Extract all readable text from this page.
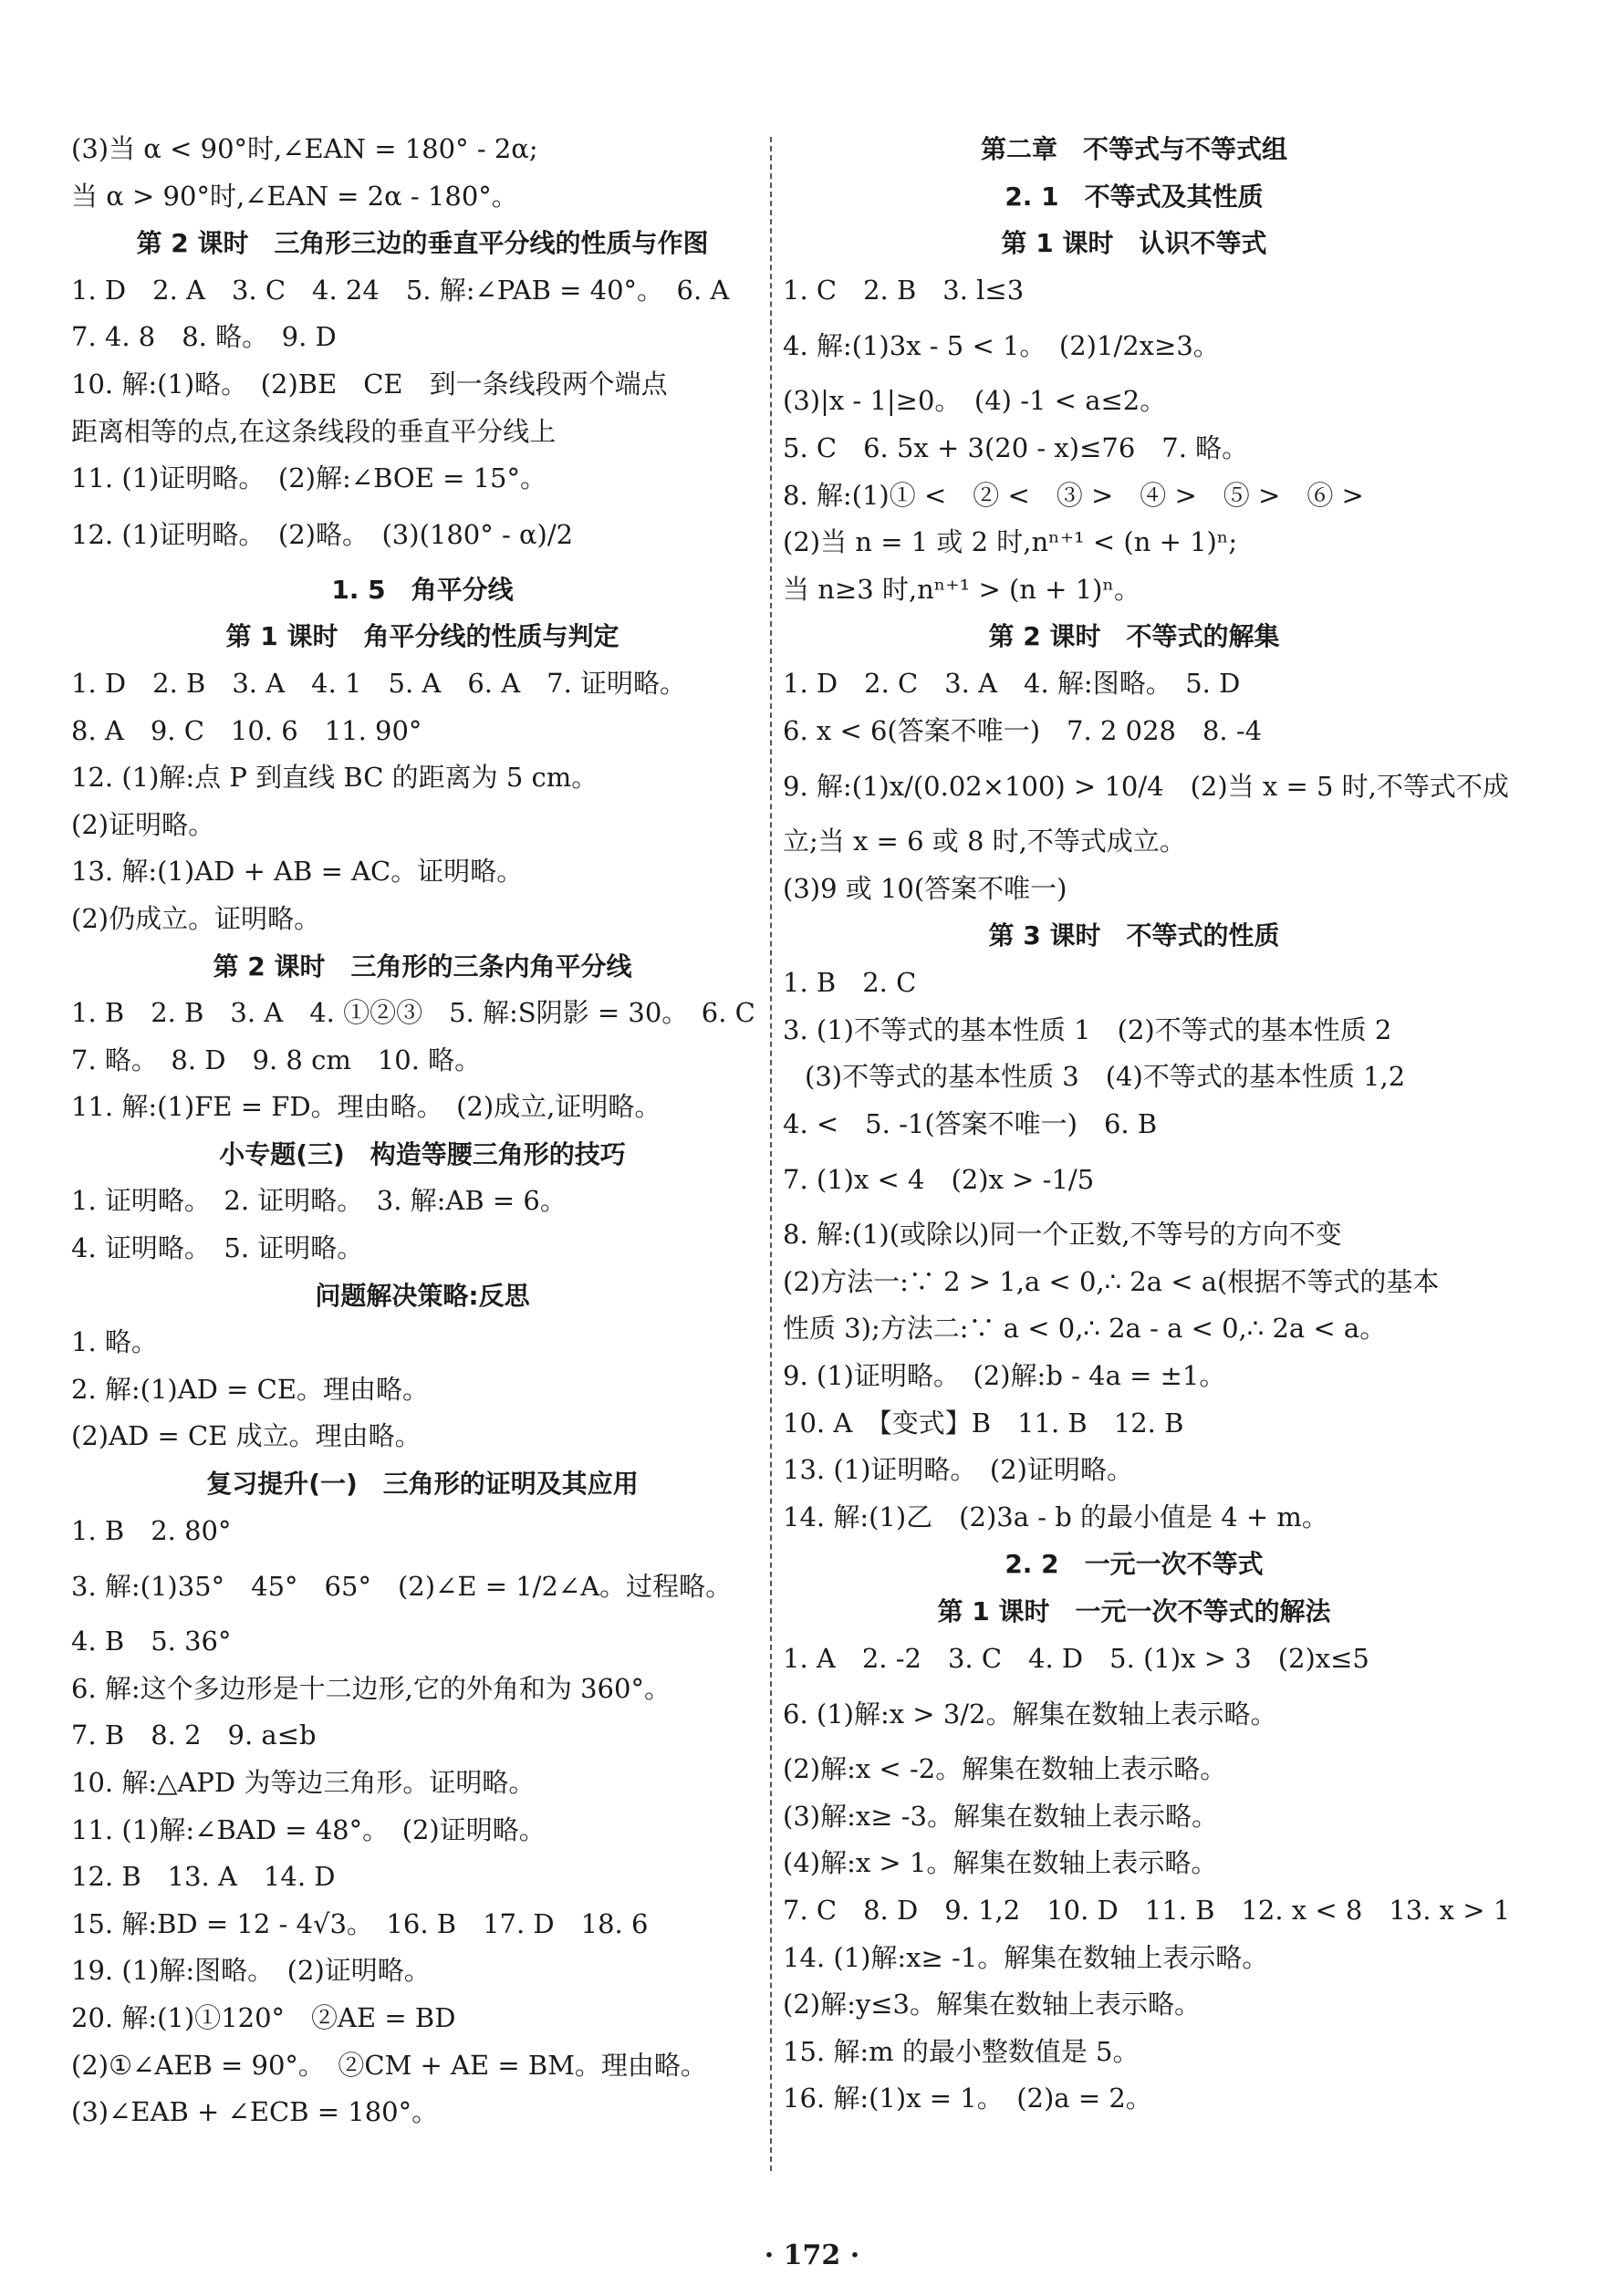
(3)当 α < 90°时,∠EAN = 180° - 2α;
当 α > 90°时,∠EAN = 2α - 180°。
第 2 课时　三角形三边的垂直平分线的性质与作图
1. D　2. A　3. C　4. 24　5. 解:∠PAB = 40°。　6. A
7. 4. 8　8. 略。　9. D
10. 解:(1)略。　(2)BE　CE　到一条线段两个端点
距离相等的点,在这条线段的垂直平分线上
11. (1)证明略。　(2)解:∠BOE = 15°。
12. (1)证明略。　(2)略。　(3)(180° - α)/2
1. 5　角平分线
第 1 课时　角平分线的性质与判定
1. D　2. B　3. A　4. 1　5. A　6. A　7. 证明略。
8. A　9. C　10. 6　11. 90°
12. (1)解:点 P 到直线 BC 的距离为 5 cm。
(2)证明略。
13. 解:(1)AD + AB = AC。证明略。
(2)仍成立。证明略。
第 2 课时　三角形的三条内角平分线
1. B　2. B　3. A　4. ①②③　5. 解:S阴影 = 30。　6. C
7. 略。　8. D　9. 8 cm　10. 略。
11. 解:(1)FE = FD。理由略。　(2)成立,证明略。
小专题(三)　构造等腰三角形的技巧
1. 证明略。　2. 证明略。　3. 解:AB = 6。
4. 证明略。　5. 证明略。
问题解决策略:反思
1. 略。
2. 解:(1)AD = CE。理由略。
(2)AD = CE 成立。理由略。
复习提升(一)　三角形的证明及其应用
1. B　2. 80°
3. 解:(1)35°　45°　65°　(2)∠E = 1/2∠A。过程略。
4. B　5. 36°
6. 解:这个多边形是十二边形,它的外角和为 360°。
7. B　8. 2　9. a≤b
10. 解:△APD 为等边三角形。证明略。
11. (1)解:∠BAD = 48°。　(2)证明略。
12. B　13. A　14. D
15. 解:BD = 12 - 4√3。　16. B　17. D　18. 6
19. (1)解:图略。　(2)证明略。
20. 解:(1)①120°　②AE = BD
(2)①∠AEB = 90°。　②CM + AE = BM。理由略。
(3)∠EAB + ∠ECB = 180°。
第二章　不等式与不等式组
2. 1　不等式及其性质
第 1 课时　认识不等式
1. C　2. B　3. l≤3
4. 解:(1)3x - 5 < 1。　(2)1/2x≥3。
(3)|x - 1|≥0。　(4) -1 < a≤2。
5. C　6. 5x + 3(20 - x)≤76　7. 略。
8. 解:(1)① <　② <　③ >　④ >　⑤ >　⑥ >
(2)当 n = 1 或 2 时,nⁿ⁺¹ < (n + 1)ⁿ;
当 n≥3 时,nⁿ⁺¹ > (n + 1)ⁿ。
第 2 课时　不等式的解集
1. D　2. C　3. A　4. 解:图略。　5. D
6. x < 6(答案不唯一)　7. 2 028　8. -4
9. 解:(1)x/(0.02×100) > 10/4　(2)当 x = 5 时,不等式不成
立;当 x = 6 或 8 时,不等式成立。
(3)9 或 10(答案不唯一)
第 3 课时　不等式的性质
1. B　2. C
3. (1)不等式的基本性质 1　(2)不等式的基本性质 2
(3)不等式的基本性质 3　(4)不等式的基本性质 1,2
4. <　5. -1(答案不唯一)　6. B
7. (1)x < 4　(2)x > -1/5
8. 解:(1)(或除以)同一个正数,不等号的方向不变
(2)方法一:∵ 2 > 1,a < 0,∴ 2a < a(根据不等式的基本
性质 3);方法二:∵ a < 0,∴ 2a - a < 0,∴ 2a < a。
9. (1)证明略。　(2)解:b - 4a = ±1。
10. A　【变式】B　11. B　12. B
13. (1)证明略。　(2)证明略。
14. 解:(1)乙　(2)3a - b 的最小值是 4 + m。
2. 2　一元一次不等式
第 1 课时　一元一次不等式的解法
1. A　2. -2　3. C　4. D　5. (1)x > 3　(2)x≤5
6. (1)解:x > 3/2。解集在数轴上表示略。
(2)解:x < -2。解集在数轴上表示略。
(3)解:x≥ -3。解集在数轴上表示略。
(4)解:x > 1。解集在数轴上表示略。
7. C　8. D　9. 1,2　10. D　11. B　12. x < 8　13. x > 1
14. (1)解:x≥ -1。解集在数轴上表示略。
(2)解:y≤3。解集在数轴上表示略。
15. 解:m 的最小整数值是 5。
16. 解:(1)x = 1。　(2)a = 2。
· 172 ·
